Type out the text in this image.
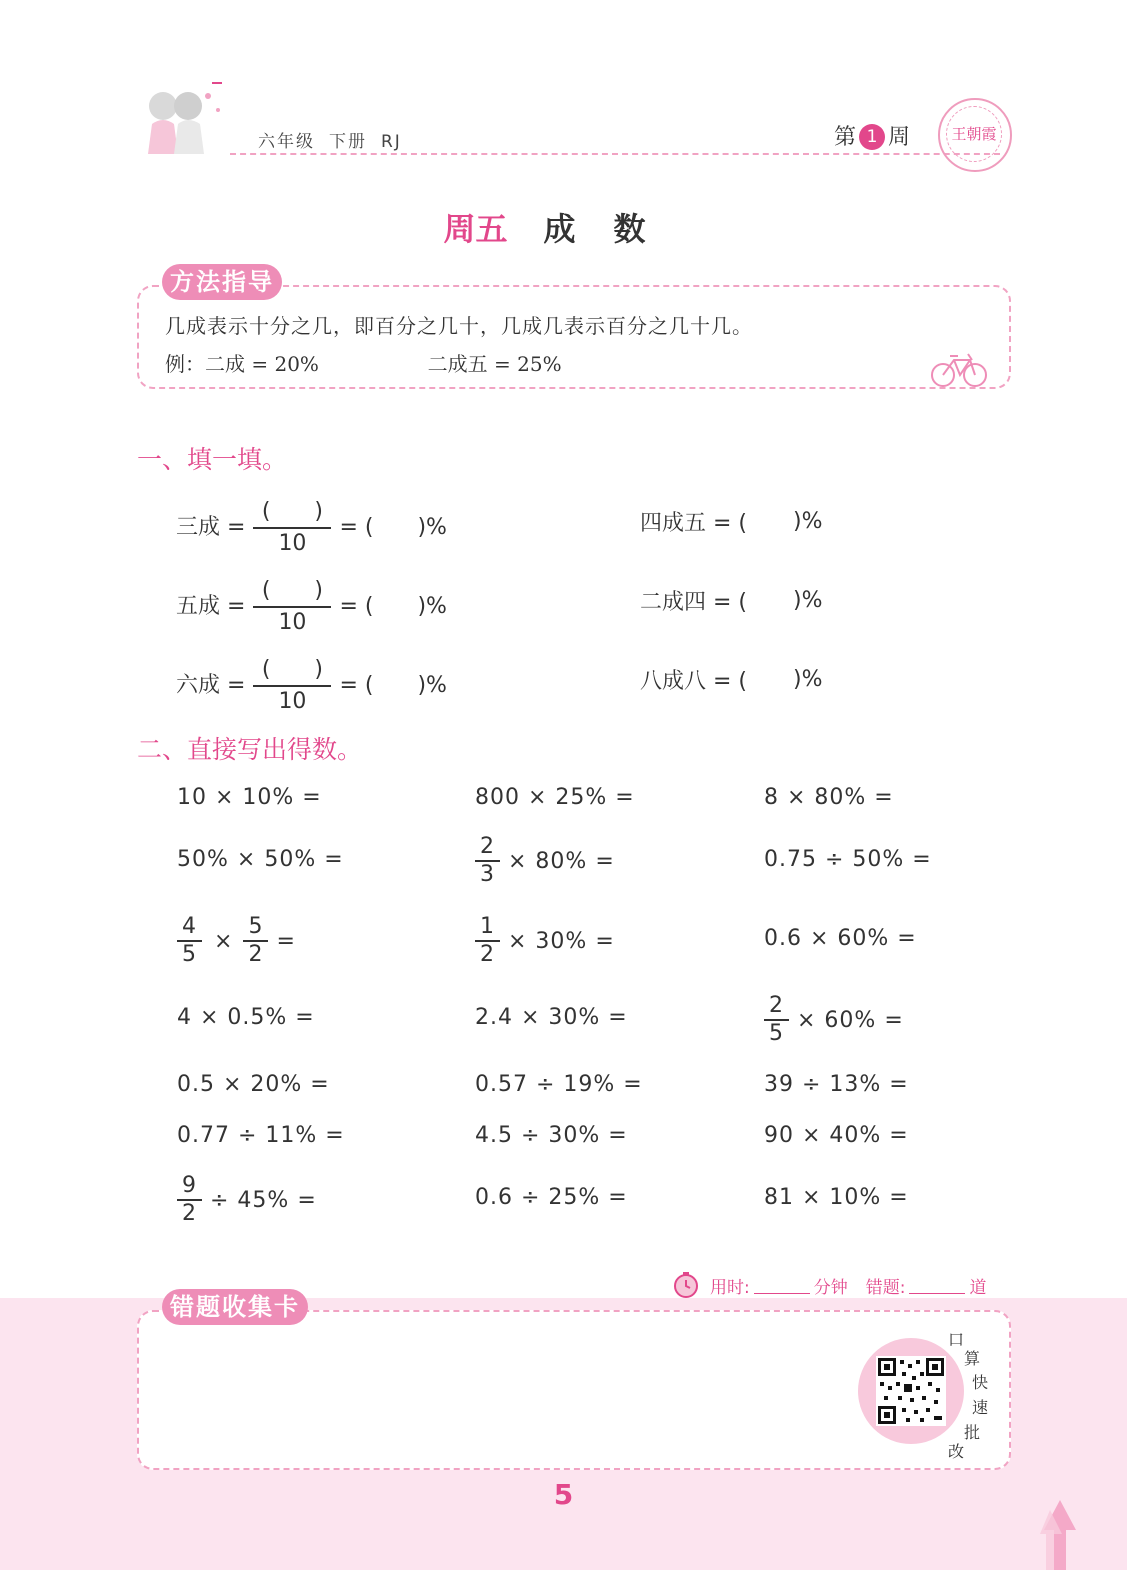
六年级 下册 RJ	第 1 周	王朝霞
周五 成数
方法指导
几成表示十分之几，即百分之几十，几成几表示百分之几十几。
例：二成 = 20%	二成五 = 25%
一、填一填。
三成 = $\frac{( )}{10}$ = (　　)%
五成 = $\frac{( )}{10}$ = (　　)%
六成 = $\frac{( )}{10}$ = (　　)%
四成五 = ( )%
二成四 = ( )%
八成八 = ( )%
二、直接写出得数。
10 × 10% =	800 × 25% =	8 × 80% =
50% × 50% =	$\frac{2}{3} \times 80\%$ =	0.75 ÷ 50% =
$\frac{4}{5} \times \frac{5}{2}$ =	$\frac{1}{2} \times 30\%$ =	0.6 × 60% =
4 × 0.5% =	2.4 × 30% =	$\frac{2}{5} \times 60\%$ =
0.5 × 20% =	0.57 ÷ 19% =	39 ÷ 13% =
0.77 ÷ 11% =	4.5 ÷ 30% =	90 × 40% =
$\frac{9}{2} \div 45\%$ =	0.6 ÷ 25% =	81 × 10% =
用时:	分钟 错题:	道
错题收集卡
口
算
快
速
批
改
5
